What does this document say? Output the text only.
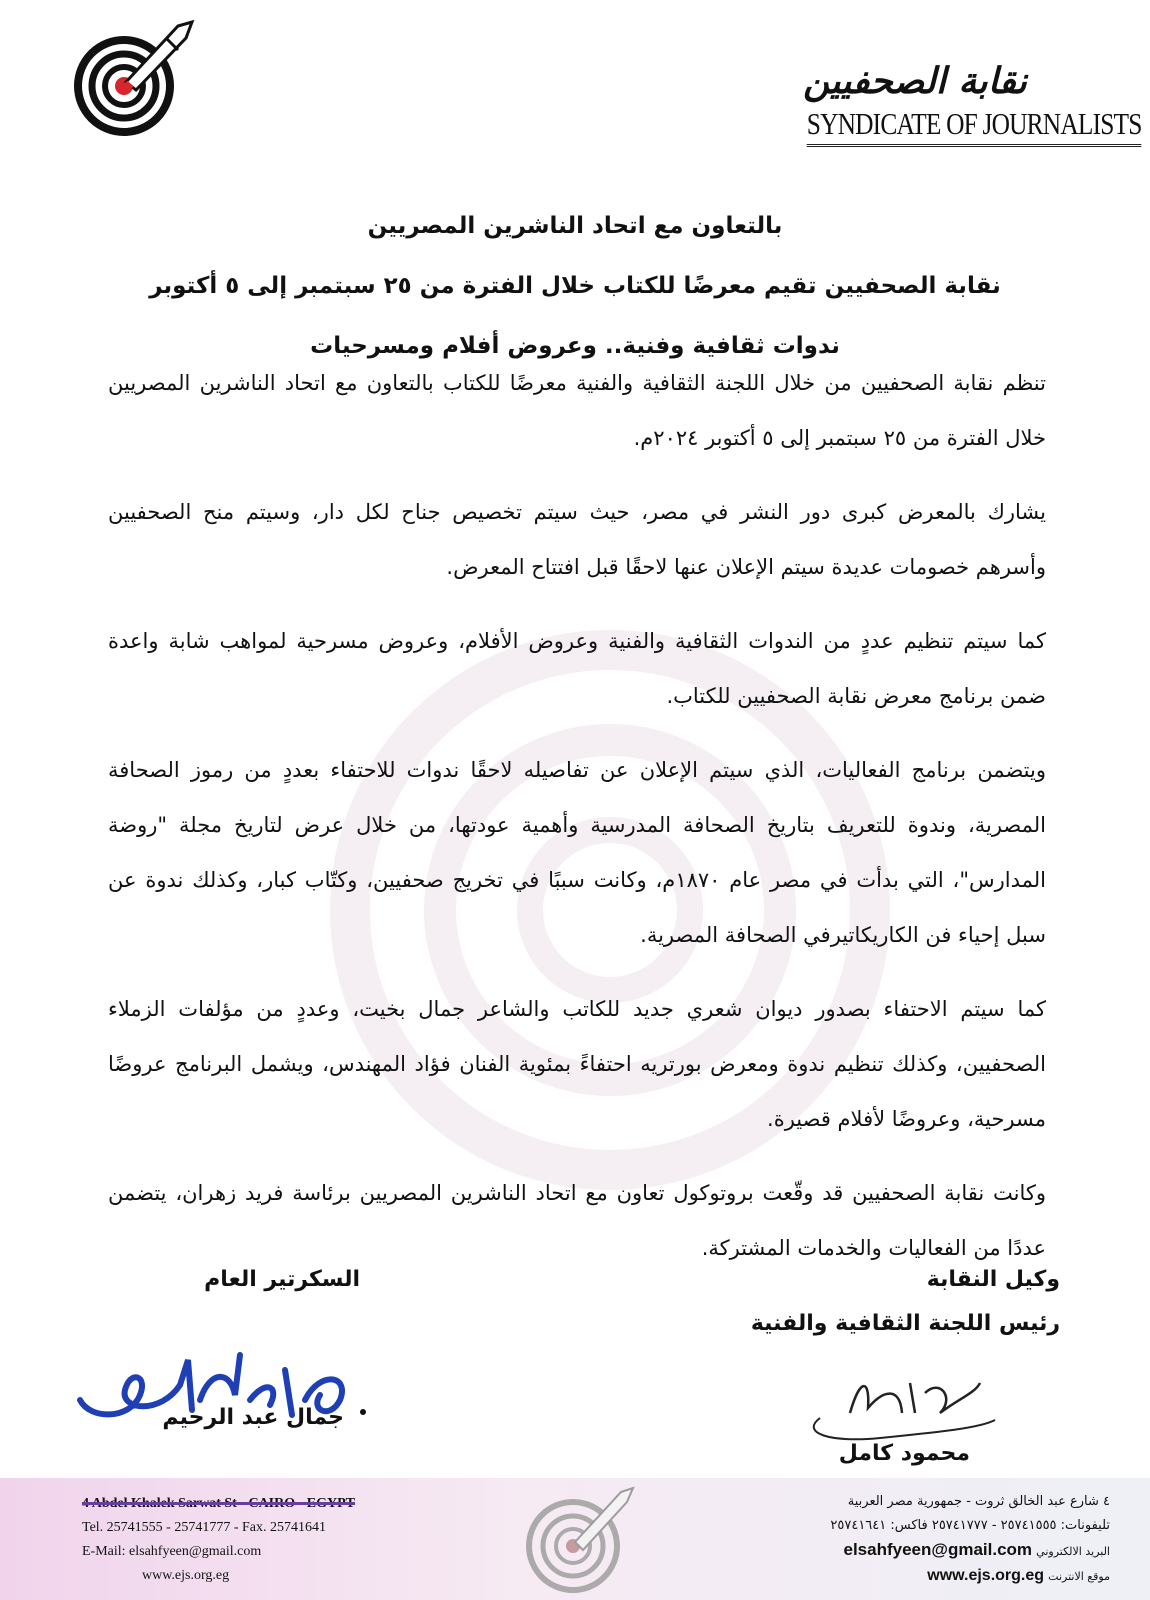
نقابة الصحفيين
SYNDICATE OF JOURNALISTS
بالتعاون مع اتحاد الناشرين المصريين
نقابة الصحفيين تقيم معرضًا للكتاب خلال الفترة من ٢٥ سبتمبر إلى ٥ أكتوبر
ندوات ثقافية وفنية.. وعروض أفلام ومسرحيات

تنظم نقابة الصحفيين من خلال اللجنة الثقافية والفنية معرضًا للكتاب بالتعاون مع اتحاد الناشرين المصريين خلال الفترة من ٢٥ سبتمبر إلى ٥ أكتوبر ٢٠٢٤م.

يشارك بالمعرض كبرى دور النشر في مصر، حيث سيتم تخصيص جناح لكل دار، وسيتم منح الصحفيين وأسرهم خصومات عديدة سيتم الإعلان عنها لاحقًا قبل افتتاح المعرض.

كما سيتم تنظيم عددٍ من الندوات الثقافية والفنية وعروض الأفلام، وعروض مسرحية لمواهب شابة واعدة ضمن برنامج معرض نقابة الصحفيين للكتاب.

ويتضمن برنامج الفعاليات، الذي سيتم الإعلان عن تفاصيله لاحقًا ندوات للاحتفاء بعددٍ من رموز الصحافة المصرية، وندوة للتعريف بتاريخ الصحافة المدرسية وأهمية عودتها، من خلال عرض لتاريخ مجلة "روضة المدارس"، التي بدأت في مصر عام ١٨٧٠م، وكانت سببًا في تخريج صحفيين، وكتّاب كبار، وكذلك ندوة عن سبل إحياء فن الكاريكاتيرفي الصحافة المصرية.

كما سيتم الاحتفاء بصدور ديوان شعري جديد للكاتب والشاعر جمال بخيت، وعددٍ من مؤلفات الزملاء الصحفيين، وكذلك تنظيم ندوة ومعرض بورتريه احتفاءً بمئوية الفنان فؤاد المهندس، ويشمل البرنامج عروضًا مسرحية، وعروضًا لأفلام قصيرة.

وكانت نقابة الصحفيين قد وقّعت بروتوكول تعاون مع اتحاد الناشرين المصريين برئاسة فريد زهران، يتضمن عددًا من الفعاليات والخدمات المشتركة.

وكيل النقابة
رئيس اللجنة الثقافية والفنية
محمود كامل
السكرتير العام
جمال عبد الرحيم
4 Abdel Khalek Sarwat St - CAIRO - EGYPT
Tel. 25741555 - 25741777 - Fax. 25741641
E-Mail: elsahfyeen@gmail.com
www.ejs.org.eg
٤ شارع عبد الخالق ثروت - جمهورية مصر العربية
تليفونات: ٢٥٧٤١٥٥٥ - ٢٥٧٤١٧٧٧ فاكس: ٢٥٧٤١٦٤١
البريد الالكتروني elsahfyeen@gmail.com
موقع الانترنت www.ejs.org.eg
